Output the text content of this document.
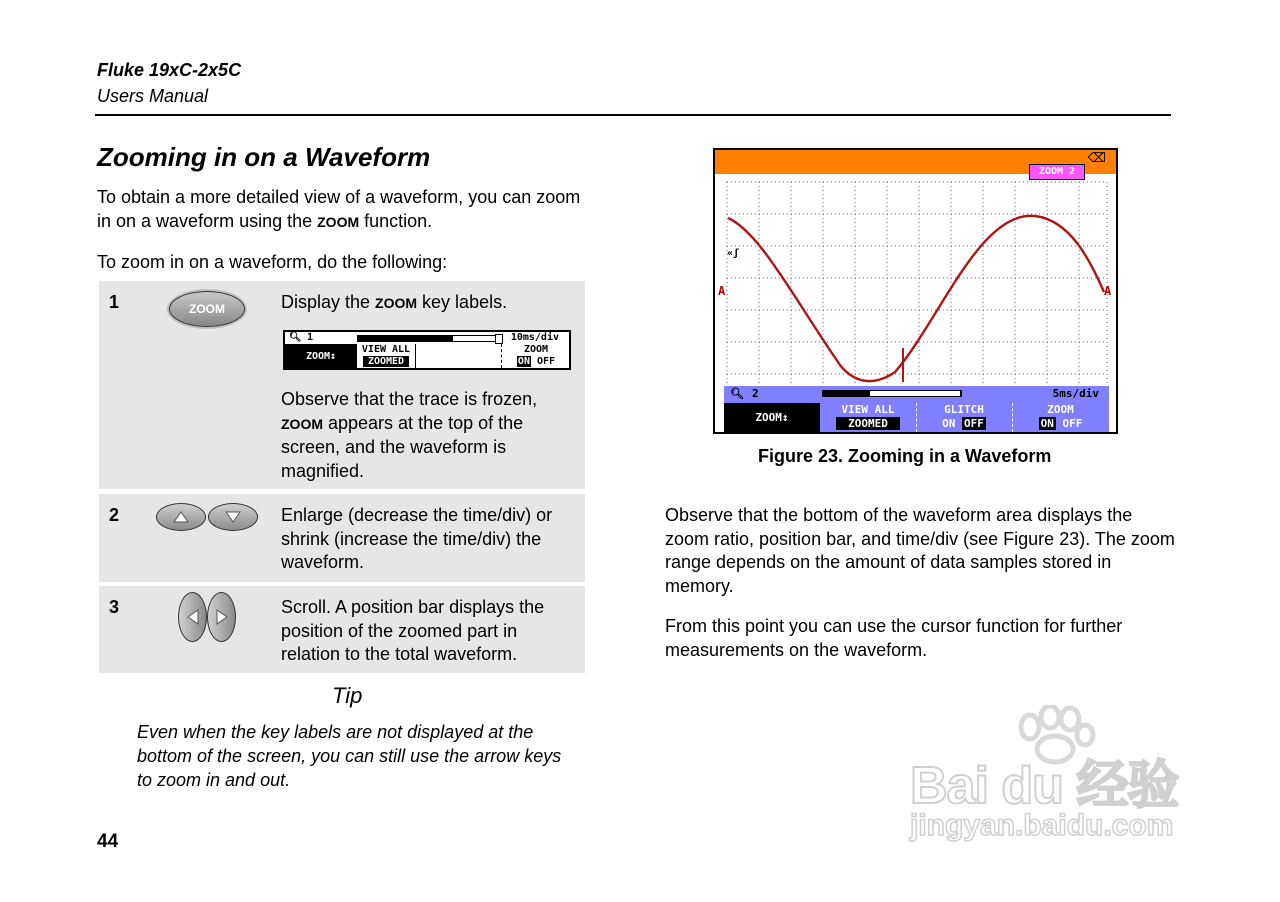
Fluke 19xC-2x5C
Users Manual
Zooming in on a Waveform
To obtain a more detailed view of a waveform, you can zoom in on a waveform using the ZOOM function.
To zoom in on a waveform, do the following:
1	ZOOM	Display the ZOOM key labels.
Observe that the trace is frozen, ZOOM appears at the top of the screen, and the waveform is magnified.
🔍︎ 1	10ms/div
ZOOM↕
VIEW ALL
ZOOMED
ZOOM
ON OFF
2	Enlarge (decrease the time/div) or shrink (increase the time/div) the waveform.
3	Scroll. A position bar displays the position of the zoomed part in relation to the total waveform.
Tip
Even when the key labels are not displayed at the bottom of the screen, you can still use the arrow keys to zoom in and out.
44
⌫
ZOOM 2
A	A
«ʃ
🔍︎ 2	5ms/div
ZOOM↕
VIEW ALL
ZOOMED
GLITCH
ON OFF
ZOOM
ON OFF
Figure 23. Zooming in a Waveform
Observe that the bottom of the waveform area displays the zoom ratio, position bar, and time/div (see Figure 23). The zoom range depends on the amount of data samples stored in memory.
From this point you can use the cursor function for further measurements on the waveform.
Bai du 经验
jingyan.baidu.com
